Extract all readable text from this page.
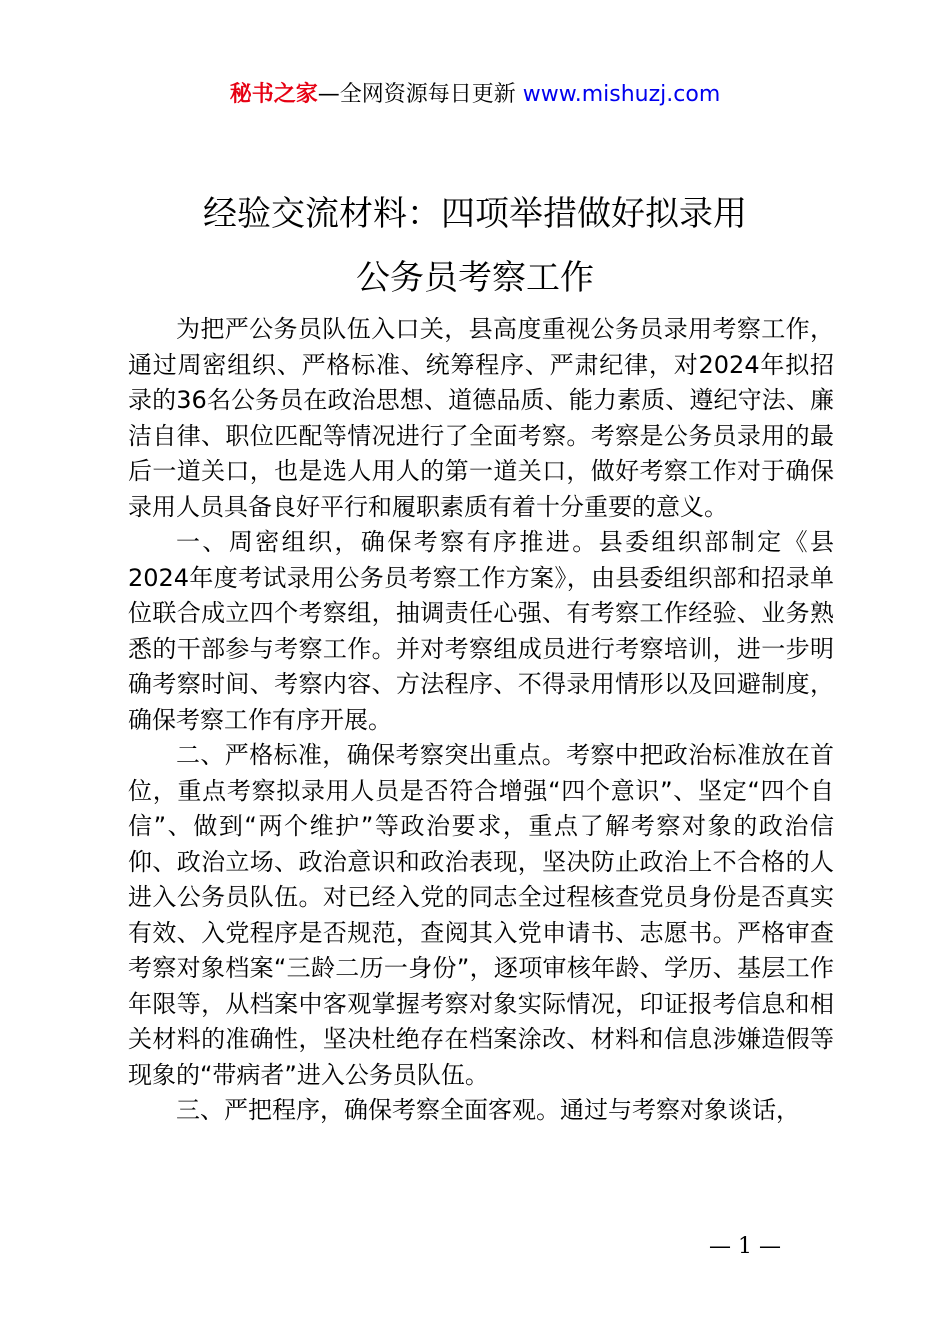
秘书之家—全网资源每日更新 www.mishuzj.com
经验交流材料：四项举措做好拟录用
公务员考察工作

为把严公务员队伍入口关，县高度重视公务员录用考察工作，通过周密组织、严格标准、统筹程序、严肃纪律，对2024年拟招录的36名公务员在政治思想、道德品质、能力素质、遵纪守法、廉洁自律、职位匹配等情况进行了全面考察。考察是公务员录用的最后一道关口，也是选人用人的第一道关口，做好考察工作对于确保录用人员具备良好平行和履职素质有着十分重要的意义。

一、周密组织，确保考察有序推进。县委组织部制定《县2024年度考试录用公务员考察工作方案》，由县委组织部和招录单位联合成立四个考察组，抽调责任心强、有考察工作经验、业务熟悉的干部参与考察工作。并对考察组成员进行考察培训，进一步明确考察时间、考察内容、方法程序、不得录用情形以及回避制度，确保考察工作有序开展。

二、严格标准，确保考察突出重点。考察中把政治标准放在首位，重点考察拟录用人员是否符合增强“四个意识”、坚定“四个自信”、做到“两个维护”等政治要求，重点了解考察对象的政治信仰、政治立场、政治意识和政治表现，坚决防止政治上不合格的人进入公务员队伍。对已经入党的同志全过程核查党员身份是否真实有效、入党程序是否规范，查阅其入党申请书、志愿书。严格审查考察对象档案“三龄二历一身份”，逐项审核年龄、学历、基层工作年限等，从档案中客观掌握考察对象实际情况，印证报考信息和相关材料的准确性，坚决杜绝存在档案涂改、材料和信息涉嫌造假等现象的“带病者”进入公务员队伍。

三、严把程序，确保考察全面客观。通过与考察对象谈话，

— 1 —
